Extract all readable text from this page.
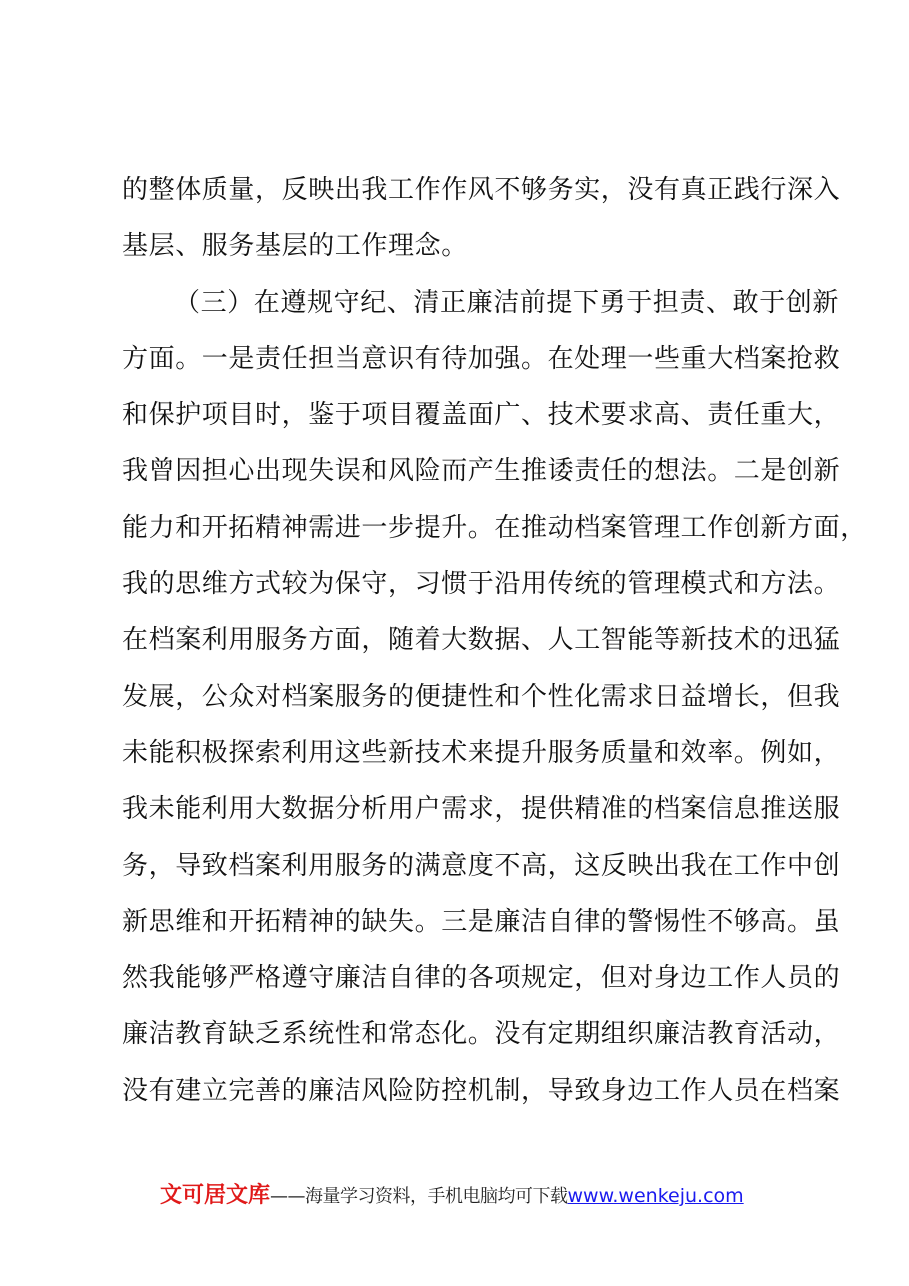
的整体质量，反映出我工作作风不够务实，没有真正践行深入
基层、服务基层的工作理念。
（三）在遵规守纪、清正廉洁前提下勇于担责、敢于创新
方面。一是责任担当意识有待加强。在处理一些重大档案抢救
和保护项目时，鉴于项目覆盖面广、技术要求高、责任重大，
我曾因担心出现失误和风险而产生推诿责任的想法。二是创新
能力和开拓精神需进一步提升。在推动档案管理工作创新方面，
我的思维方式较为保守，习惯于沿用传统的管理模式和方法。
在档案利用服务方面，随着大数据、人工智能等新技术的迅猛
发展，公众对档案服务的便捷性和个性化需求日益增长，但我
未能积极探索利用这些新技术来提升服务质量和效率。例如，
我未能利用大数据分析用户需求，提供精准的档案信息推送服
务，导致档案利用服务的满意度不高，这反映出我在工作中创
新思维和开拓精神的缺失。三是廉洁自律的警惕性不够高。虽
然我能够严格遵守廉洁自律的各项规定，但对身边工作人员的
廉洁教育缺乏系统性和常态化。没有定期组织廉洁教育活动，
没有建立完善的廉洁风险防控机制，导致身边工作人员在档案
文可居文库——海量学习资料，手机电脑均可下载www.wenkeju.com
